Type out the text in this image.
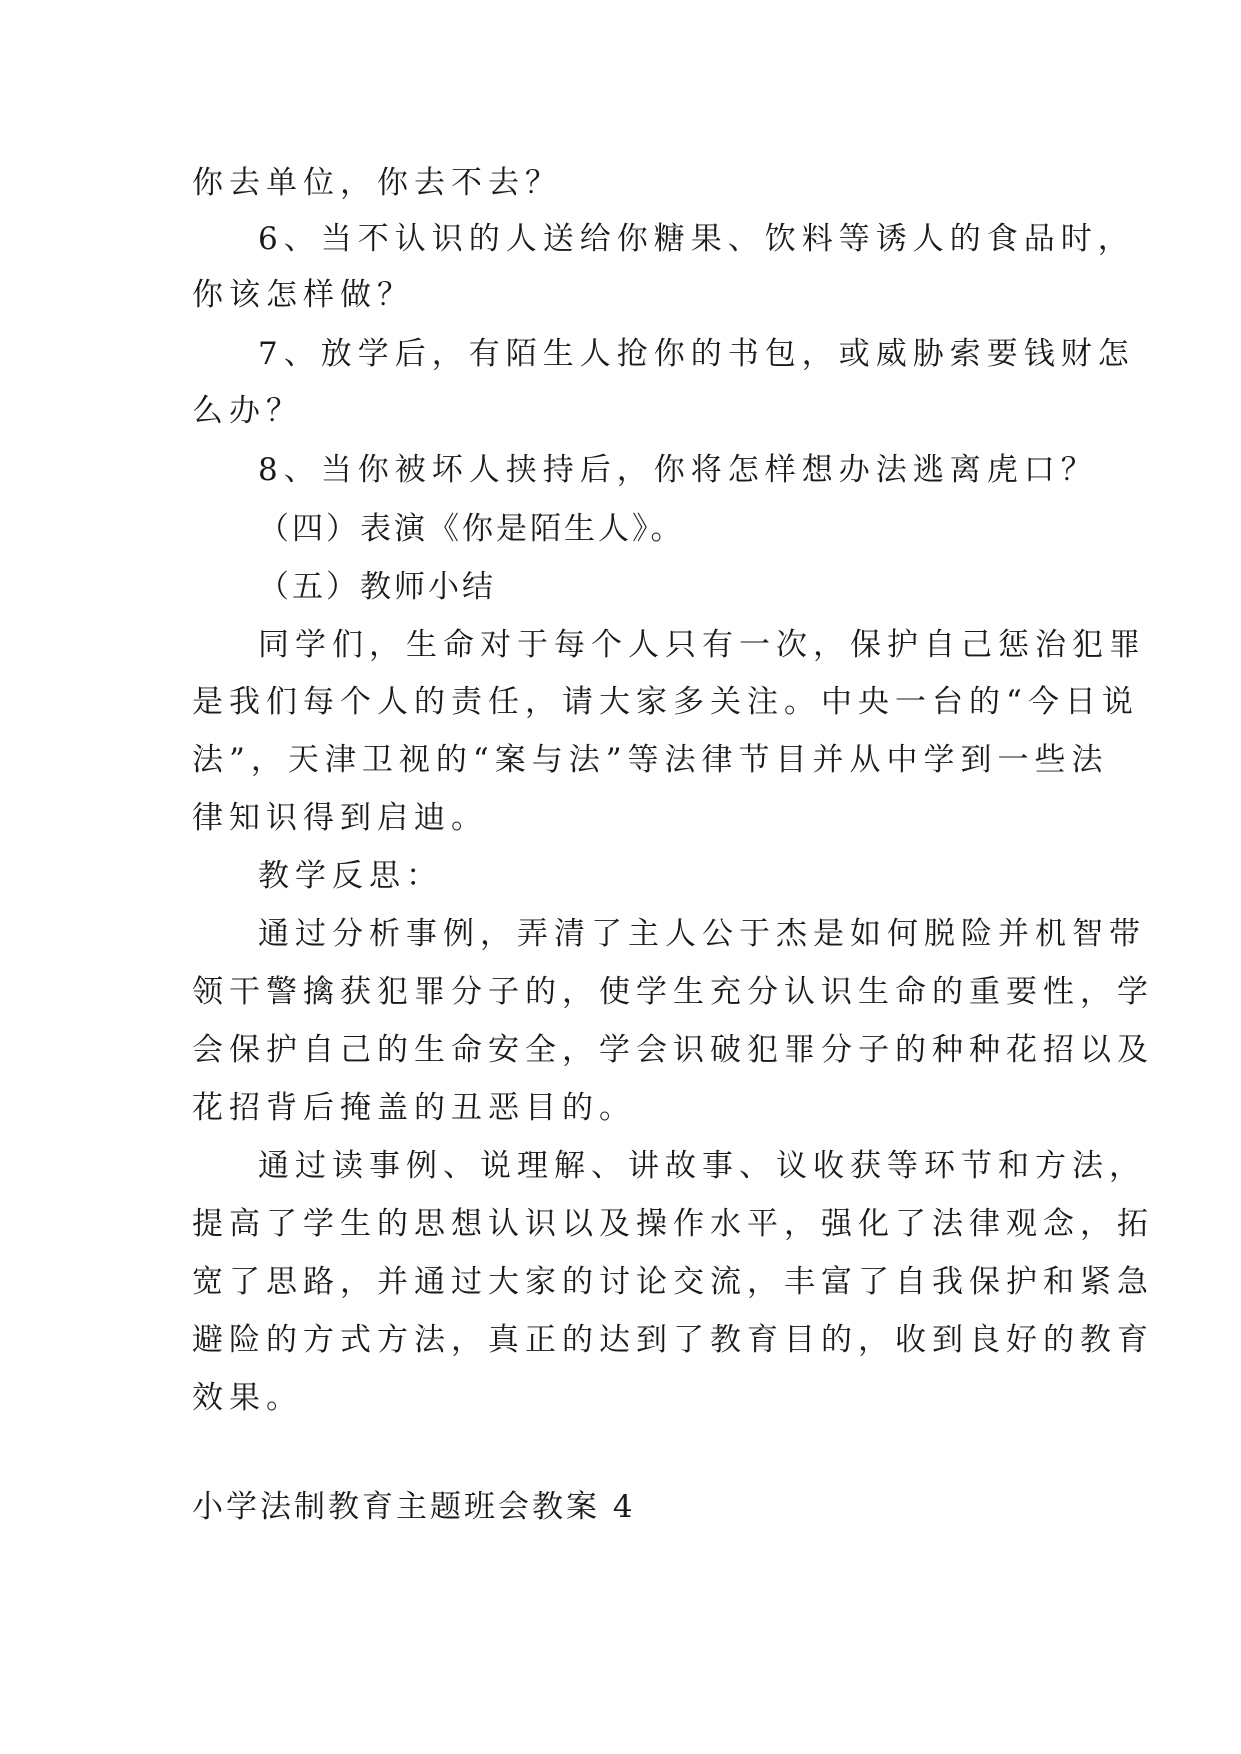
你去单位，你去不去？
6、当不认识的人送给你糖果、饮料等诱人的食品时，
你该怎样做？
7、放学后，有陌生人抢你的书包，或威胁索要钱财怎
么办？
8、当你被坏人挟持后，你将怎样想办法逃离虎口？
（四）表演《你是陌生人》。
（五）教师小结
同学们，生命对于每个人只有一次，保护自己惩治犯罪
是我们每个人的责任，请大家多关注。中央一台的“今日说
法”，天津卫视的“案与法”等法律节目并从中学到一些法
律知识得到启迪。
教学反思：
通过分析事例，弄清了主人公于杰是如何脱险并机智带
领干警擒获犯罪分子的，使学生充分认识生命的重要性，学
会保护自己的生命安全，学会识破犯罪分子的种种花招以及
花招背后掩盖的丑恶目的。
通过读事例、说理解、讲故事、议收获等环节和方法，
提高了学生的思想认识以及操作水平，强化了法律观念，拓
宽了思路，并通过大家的讨论交流，丰富了自我保护和紧急
避险的方式方法，真正的达到了教育目的，收到良好的教育
效果。
小学法制教育主题班会教案 4
